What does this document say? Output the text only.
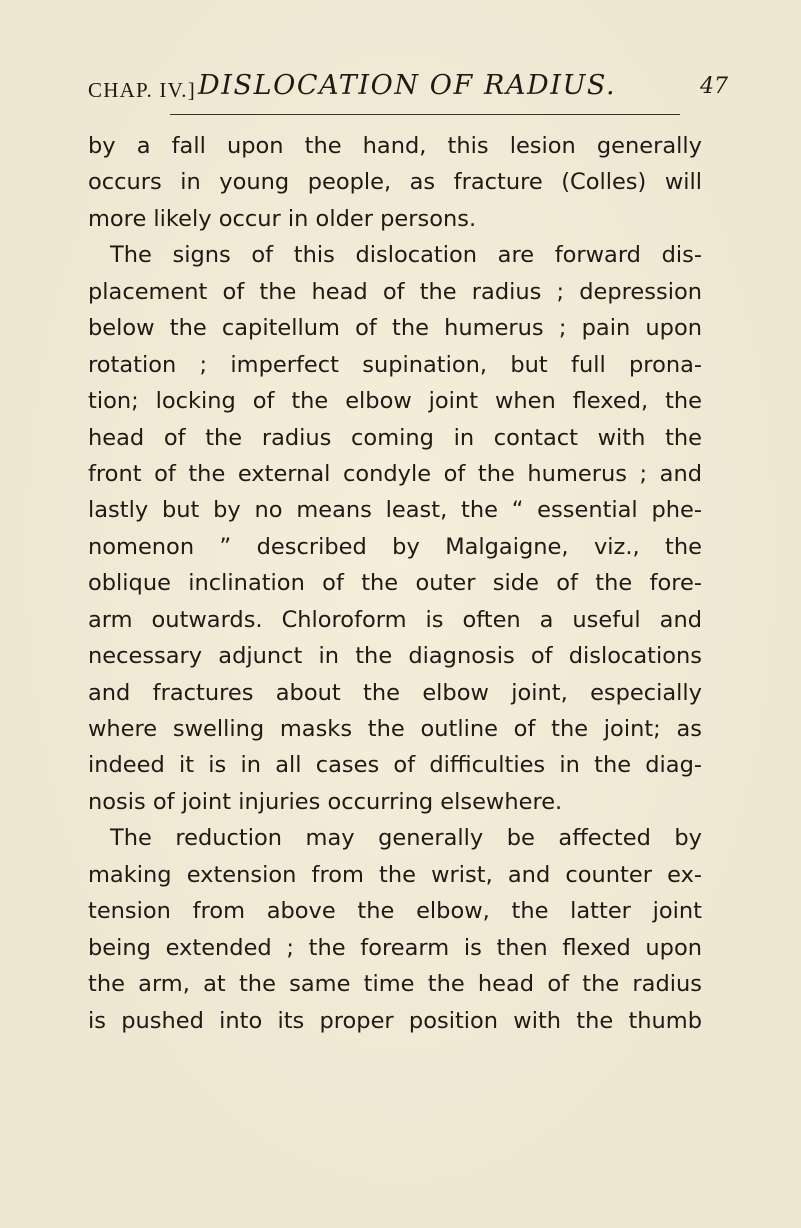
CHAP. IV.] DISLOCATION OF RADIUS.	47
by a fall upon the hand, this lesion generally
occurs in young people, as fracture (Colles) will
more likely occur in older persons.
The signs of this dislocation are forward dis-
placement of the head of the radius ; depression
below the capitellum of the humerus ; pain upon
rotation ; imperfect supination, but full prona-
tion; locking of the elbow joint when flexed, the
head of the radius coming in contact with the
front of the external condyle of the humerus ; and
lastly but by no means least, the “ essential phe-
nomenon ” described by Malgaigne, viz., the
oblique inclination of the outer side of the fore-
arm outwards. Chloroform is often a useful and
necessary adjunct in the diagnosis of dislocations
and fractures about the elbow joint, especially
where swelling masks the outline of the joint; as
indeed it is in all cases of difficulties in the diag-
nosis of joint injuries occurring elsewhere.
The reduction may generally be affected by
making extension from the wrist, and counter ex-
tension from above the elbow, the latter joint
being extended ; the forearm is then flexed upon
the arm, at the same time the head of the radius
is pushed into its proper position with the thumb
